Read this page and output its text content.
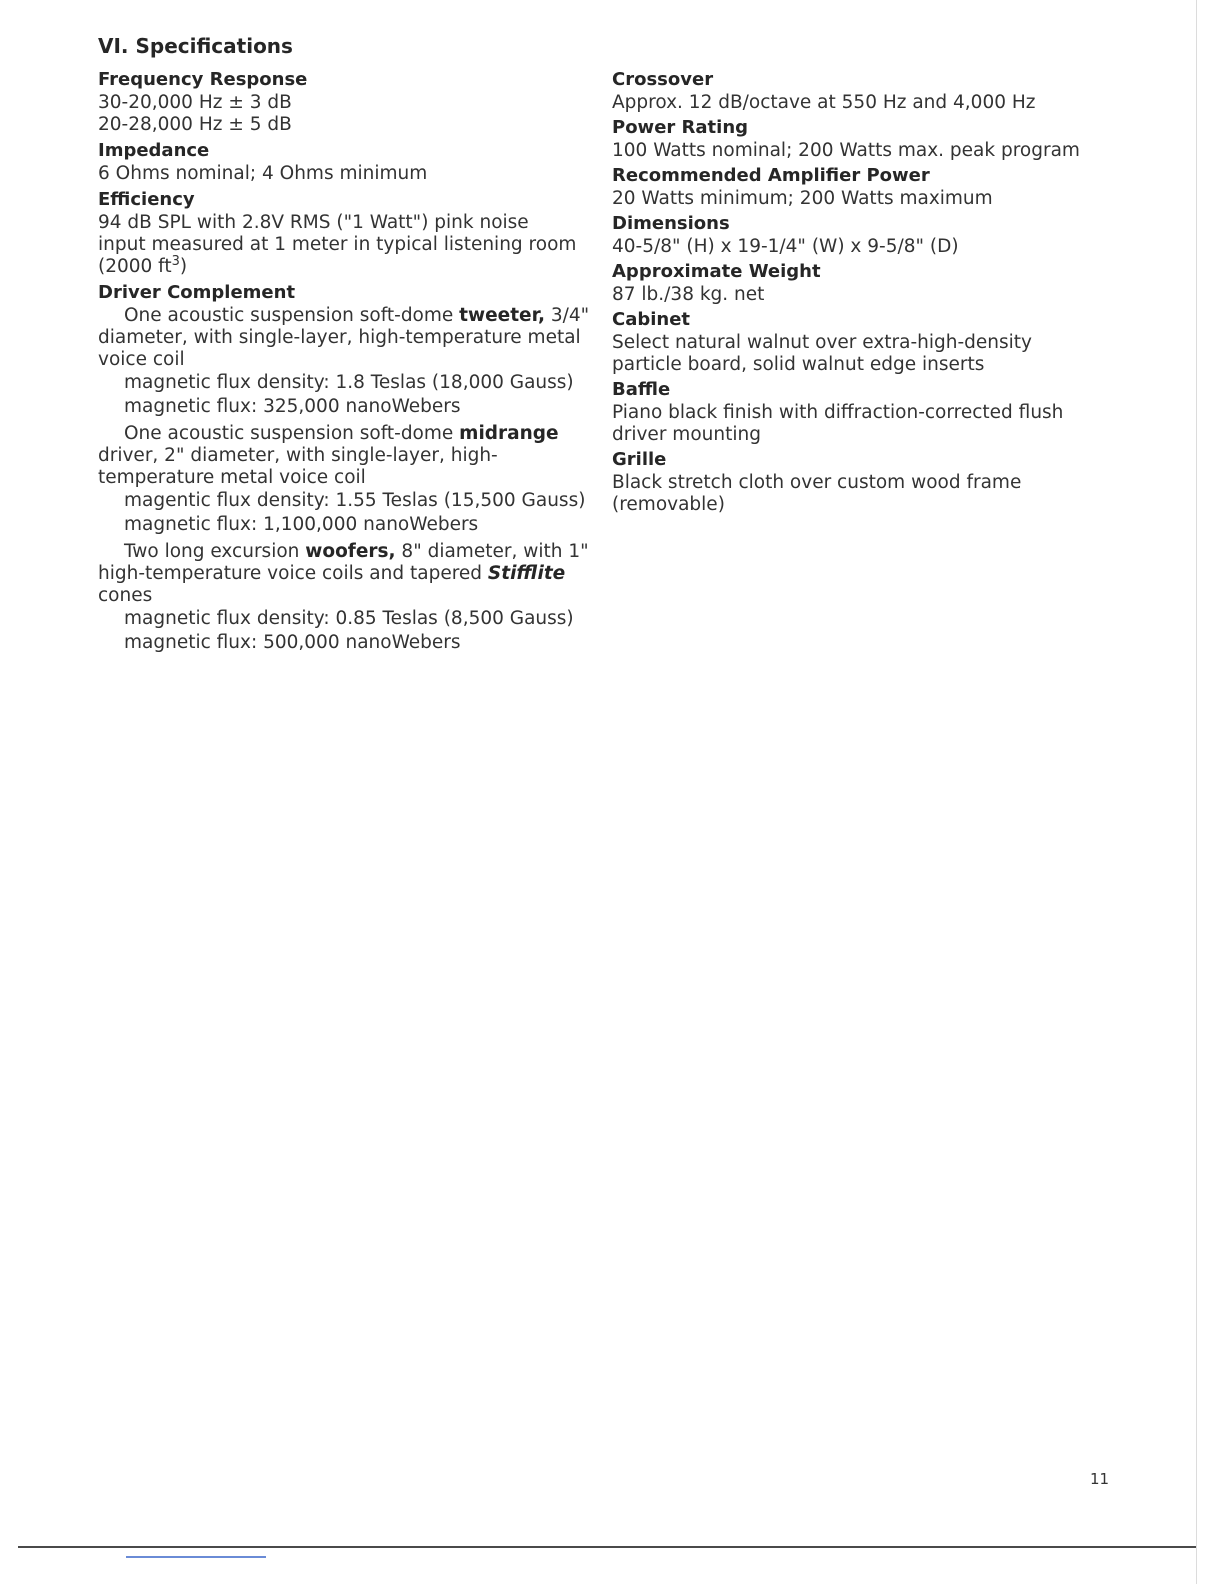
VI. Specifications

Frequency Response

30-20,000 Hz ± 3 dB

20-28,000 Hz ± 5 dB

Impedance

6 Ohms nominal; 4 Ohms minimum

Efficiency

94 dB SPL with 2.8V RMS ("1 Watt") pink noise

input measured at 1 meter in typical listening room

(2000 $ft^3$)

Driver Complement

One acoustic suspension soft-dome tweeter, 3/4" diameter, with single-layer, high-temperature metal voice coil

magnetic flux density: 1.8 Teslas (18,000 Gauss)

magnetic flux: 325,000 nanoWebers

One acoustic suspension soft-dome midrange driver, 2" diameter, with single-layer, high-temperature metal voice coil

magentic flux density: 1.55 Teslas (15,500 Gauss)

magnetic flux: 1,100,000 nanoWebers

Two long excursion woofers, 8" diameter, with 1" high-temperature voice coils and tapered Stifflite cones

magnetic flux density: 0.85 Teslas (8,500 Gauss)

magnetic flux: 500,000 nanoWebers

Crossover

Approx. 12 dB/octave at 550 Hz and 4,000 Hz

Power Rating

100 Watts nominal; 200 Watts max. peak program

Recommended Amplifier Power

20 Watts minimum; 200 Watts maximum

Dimensions

40-5/8" (H) x 19-1/4" (W) x 9-5/8" (D)

Approximate Weight

87 lb./38 kg. net

Cabinet

Select natural walnut over extra-high-density

particle board, solid walnut edge inserts

Baffle

Piano black finish with diffraction-corrected flush

driver mounting

Grille

Black stretch cloth over custom wood frame

(removable)

11
